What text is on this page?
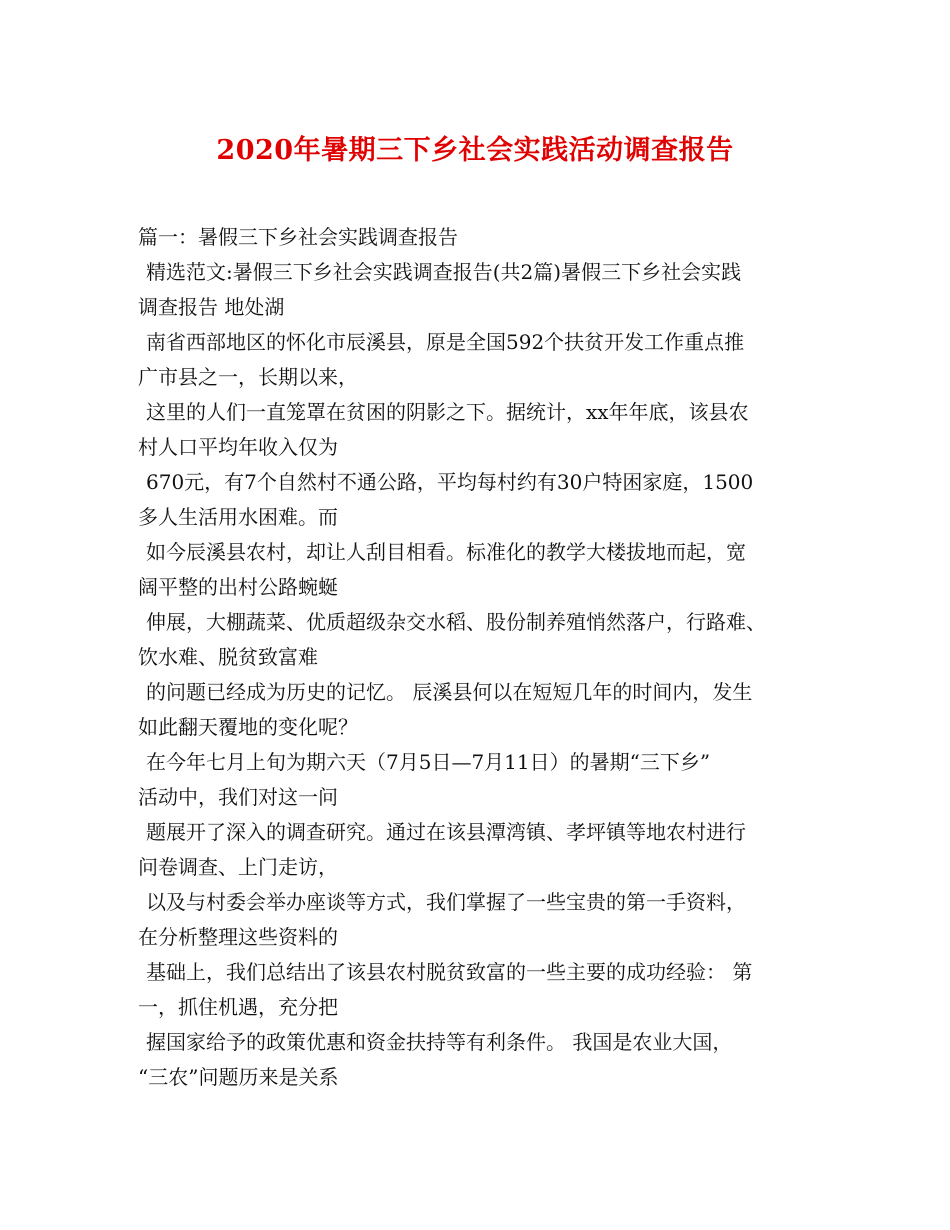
2020年暑期三下乡社会实践活动调查报告
篇一：暑假三下乡社会实践调查报告
精选范文:暑假三下乡社会实践调查报告(共2篇)暑假三下乡社会实践
调查报告 地处湖
南省西部地区的怀化市辰溪县，原是全国592个扶贫开发工作重点推
广市县之一，长期以来，
这里的人们一直笼罩在贫困的阴影之下。据统计，xx年年底，该县农
村人口平均年收入仅为
670元，有7个自然村不通公路，平均每村约有30户特困家庭，1500
多人生活用水困难。而
如今辰溪县农村，却让人刮目相看。标准化的教学大楼拔地而起，宽
阔平整的出村公路蜿蜒
伸展，大棚蔬菜、优质超级杂交水稻、股份制养殖悄然落户，行路难、
饮水难、脱贫致富难
的问题已经成为历史的记忆。 辰溪县何以在短短几年的时间内，发生
如此翻天覆地的变化呢？
在今年七月上旬为期六天（7月5日—7月11日）的暑期“三下乡”
活动中，我们对这一问
题展开了深入的调查研究。通过在该县潭湾镇、孝坪镇等地农村进行
问卷调查、上门走访，
以及与村委会举办座谈等方式，我们掌握了一些宝贵的第一手资料，
在分析整理这些资料的
基础上，我们总结出了该县农村脱贫致富的一些主要的成功经验： 第
一，抓住机遇，充分把
握国家给予的政策优惠和资金扶持等有利条件。 我国是农业大国，
“三农”问题历来是关系
